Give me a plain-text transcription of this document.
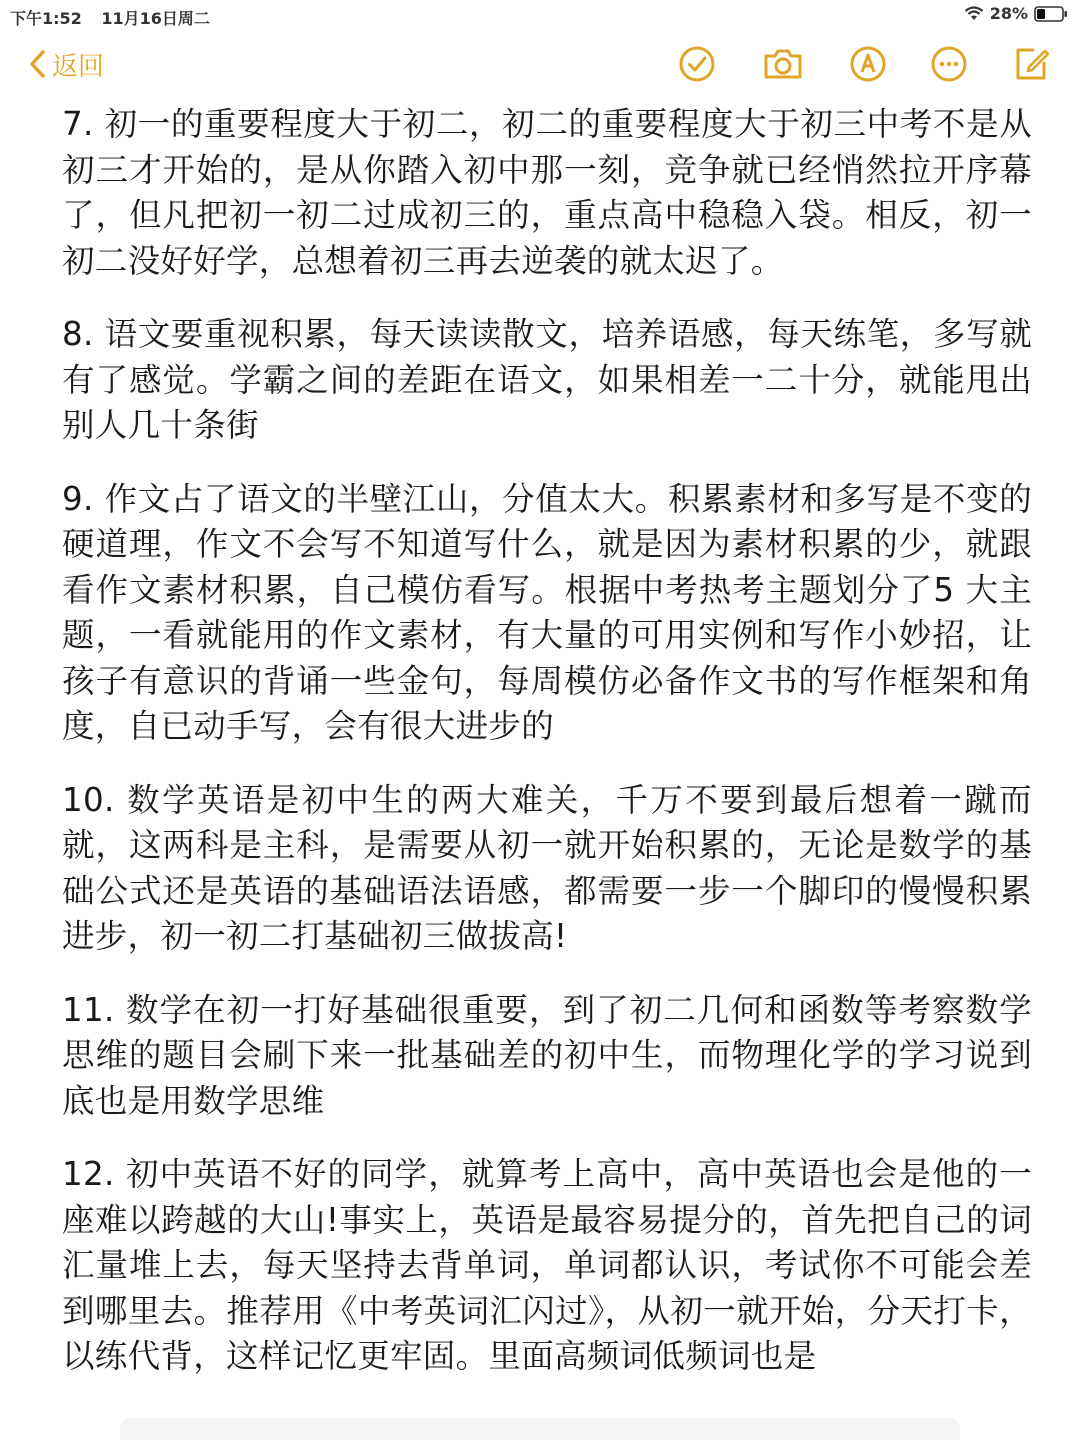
下午1:52 11月16日周二	28%
返回

7. 初一的重要程度大于初二，初二的重要程度大于初三中考不是从初三才开始的，是从你踏入初中那一刻，竞争就已经悄然拉开序幕了，但凡把初一初二过成初三的，重点高中稳稳入袋。相反，初一初二没好好学，总想着初三再去逆袭的就太迟了。

8. 语文要重视积累，每天读读散文，培养语感，每天练笔，多写就有了感觉。学霸之间的差距在语文，如果相差一二十分，就能甩出别人几十条街

9. 作文占了语文的半壁江山，分值太大。积累素材和多写是不变的硬道理，作文不会写不知道写什么，就是因为素材积累的少，就跟看作文素材积累，自己模仿看写。根据中考热考主题划分了5 大主题，一看就能用的作文素材，有大量的可用实例和写作小妙招，让孩子有意识的背诵一些金句，每周模仿必备作文书的写作框架和角度，自已动手写，会有很大进步的

10. 数学英语是初中生的两大难关，千万不要到最后想着一蹴而就，这两科是主科，是需要从初一就开始积累的，无论是数学的基础公式还是英语的基础语法语感，都需要一步一个脚印的慢慢积累进步，初一初二打基础初三做拔高!

11. 数学在初一打好基础很重要，到了初二几何和函数等考察数学思维的题目会刷下来一批基础差的初中生，而物理化学的学习说到底也是用数学思维

12. 初中英语不好的同学，就算考上高中，高中英语也会是他的一座难以跨越的大山!事实上，英语是最容易提分的，首先把自己的词汇量堆上去，每天坚持去背单词，单词都认识，考试你不可能会差到哪里去。推荐用《中考英词汇闪过》，从初一就开始，分天打卡，以练代背，这样记忆更牢固。里面高频词低频词也是
